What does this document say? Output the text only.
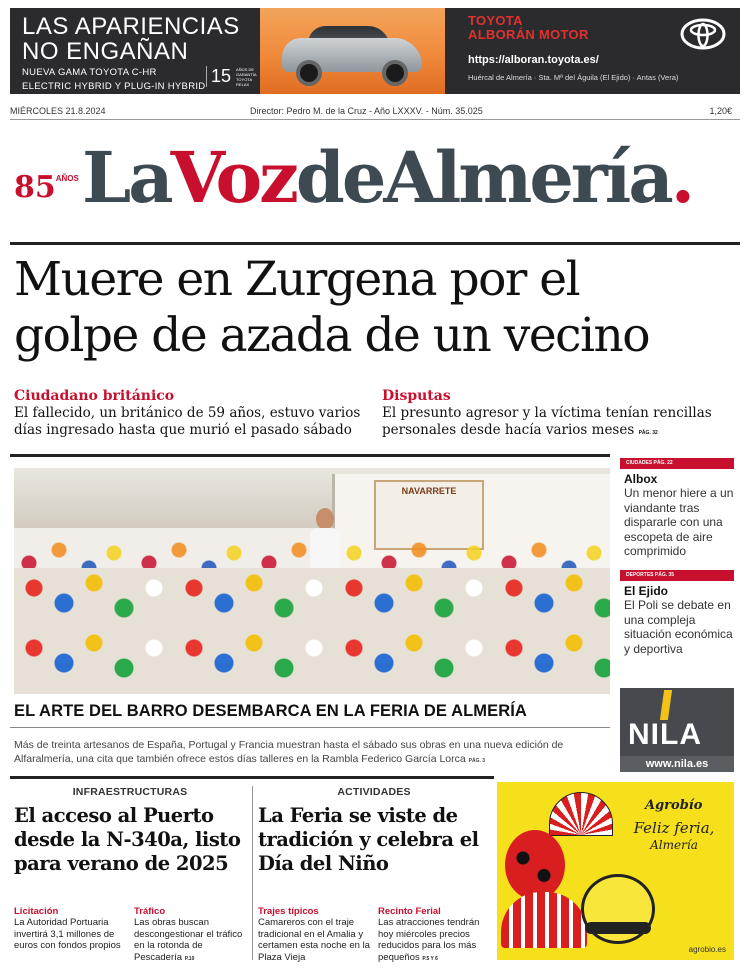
LAS APARIENCIAS
NO ENGAÑAN
NUEVA GAMA TOYOTA C-HR
ELECTRIC HYBRID Y PLUG-IN HYBRID
15 AÑOS DE GARANTÍA TOYOTA RELAX
TOYOTA
ALBORÁN MOTOR
https://alboran.toyota.es/
Huércal de Almería · Sta. Mª del Águila (El Ejido) · Antas (Vera)
MIÉRCOLES 21.8.2024	Director: Pedro M. de la Cruz - Año LXXXV. - Núm. 35.025	1,20€
$85^{AÑOS}$ LaVozdeAlmería.
Muere en Zurgena por el
golpe de azada de un vecino
Ciudadano británico
El fallecido, un británico de 59 años, estuvo varios días ingresado hasta que murió el pasado sábado
Disputas
El presunto agresor y la víctima tenían rencillas personales desde hacía varios meses PÁG. 32
NAVARRETE
EL ARTE DEL BARRO DESEMBARCA EN LA FERIA DE ALMERÍA
Más de treinta artesanos de España, Portugal y Francia muestran hasta el sábado sus obras en una nueva edición de Alfaralmería, una cita que también ofrece estos días talleres en la Rambla Federico García Lorca PÁG. 3
CIUDADES PÁG. 22
Albox
Un menor hiere a un viandante tras dispararle con una escopeta de aire comprimido
DEPORTES PÁG. 35
El Ejido
El Poli se debate en una compleja situación económica y deportiva
NILA
www.nila.es
INFRAESTRUCTURAS
El acceso al Puerto desde la N-340a, listo para verano de 2025
Licitación
La Autoridad Portuaria invertirá 3,1 millones de euros con fondos propios
Tráfico
Las obras buscan descongestionar el tráfico en la rotonda de Pescadería P.10
ACTIVIDADES
La Feria se viste de tradición y celebra el Día del Niño
Trajes típicos
Camareros con el traje tradicional en el Amalia y certamen esta noche en la Plaza Vieja
Recinto Ferial
Las atracciones tendrán hoy miércoles precios reducidos para los más pequeños P.5 Y 6
Agrobío
Feliz feria,
Almería
agrobio.es
